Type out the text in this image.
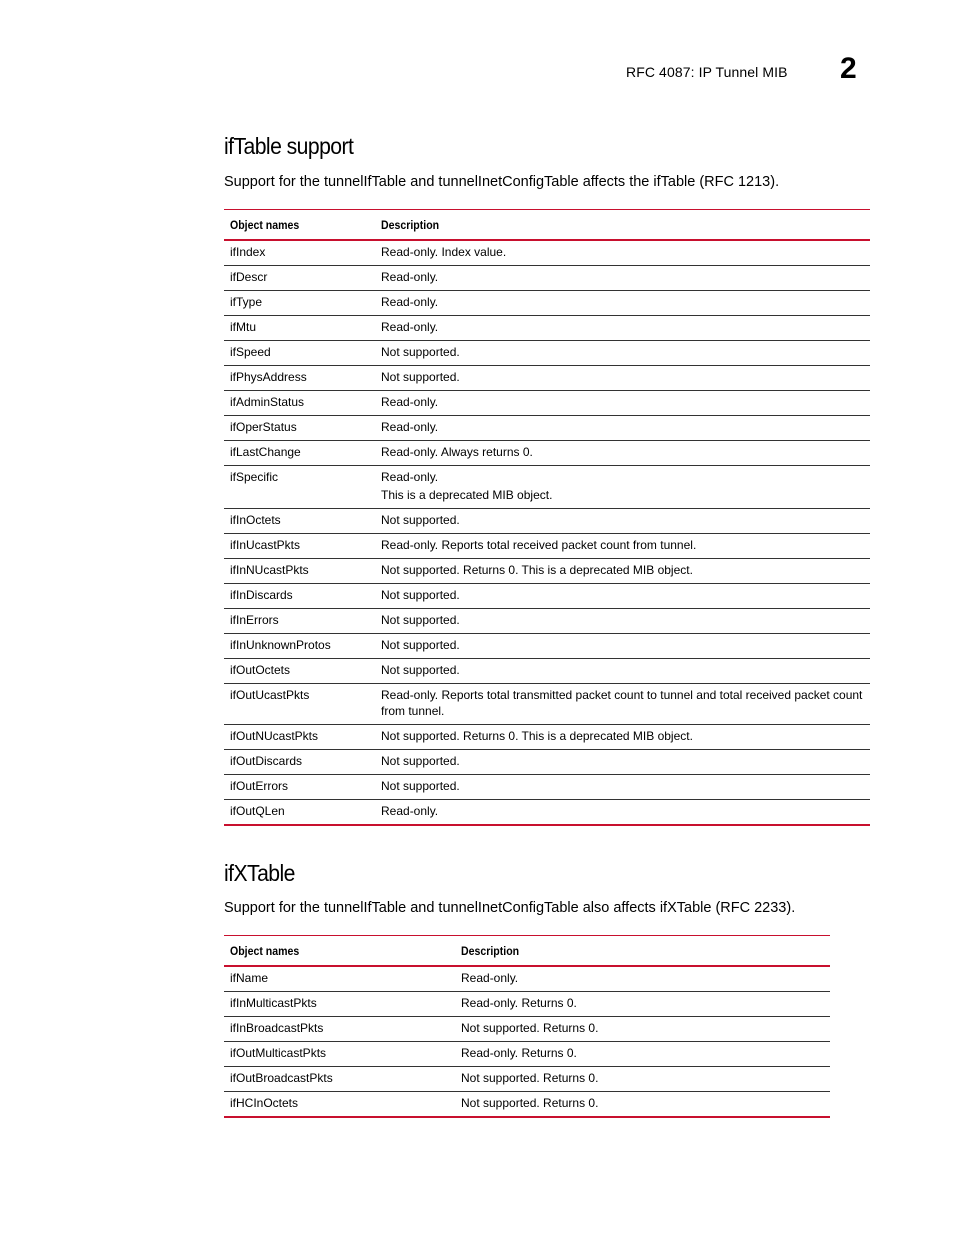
RFC 4087: IP Tunnel MIB 2
ifTable support

Support for the tunnelIfTable and tunnelInetConfigTable affects the ifTable (RFC 1213).

Object names	Description
ifIndex	Read-only. Index value.

ifDescr	Read-only.

ifType	Read-only.

ifMtu	Read-only.

ifSpeed	Not supported.

ifPhysAddress	Not supported.

ifAdminStatus	Read-only.

ifOperStatus	Read-only.

ifLastChange	Read-only. Always returns 0.

ifSpecific	Read-only.
This is a deprecated MIB object.

ifInOctets	Not supported.

ifInUcastPkts	Read-only. Reports total received packet count from tunnel.

ifInNUcastPkts	Not supported. Returns 0. This is a deprecated MIB object.

ifInDiscards	Not supported.

ifInErrors	Not supported.

ifInUnknownProtos	Not supported.

ifOutOctets	Not supported.

ifOutUcastPkts	Read-only. Reports total transmitted packet count to tunnel and total received packet count from tunnel.

ifOutNUcastPkts	Not supported. Returns 0. This is a deprecated MIB object.

ifOutDiscards	Not supported.

ifOutErrors	Not supported.

ifOutQLen	Read-only.
ifXTable

Support for the tunnelIfTable and tunnelInetConfigTable also affects ifXTable (RFC 2233).

Object names	Description
ifName	Read-only.

ifInMulticastPkts	Read-only. Returns 0.

ifInBroadcastPkts	Not supported. Returns 0.

ifOutMulticastPkts	Read-only. Returns 0.

ifOutBroadcastPkts	Not supported. Returns 0.

ifHCInOctets	Not supported. Returns 0.
